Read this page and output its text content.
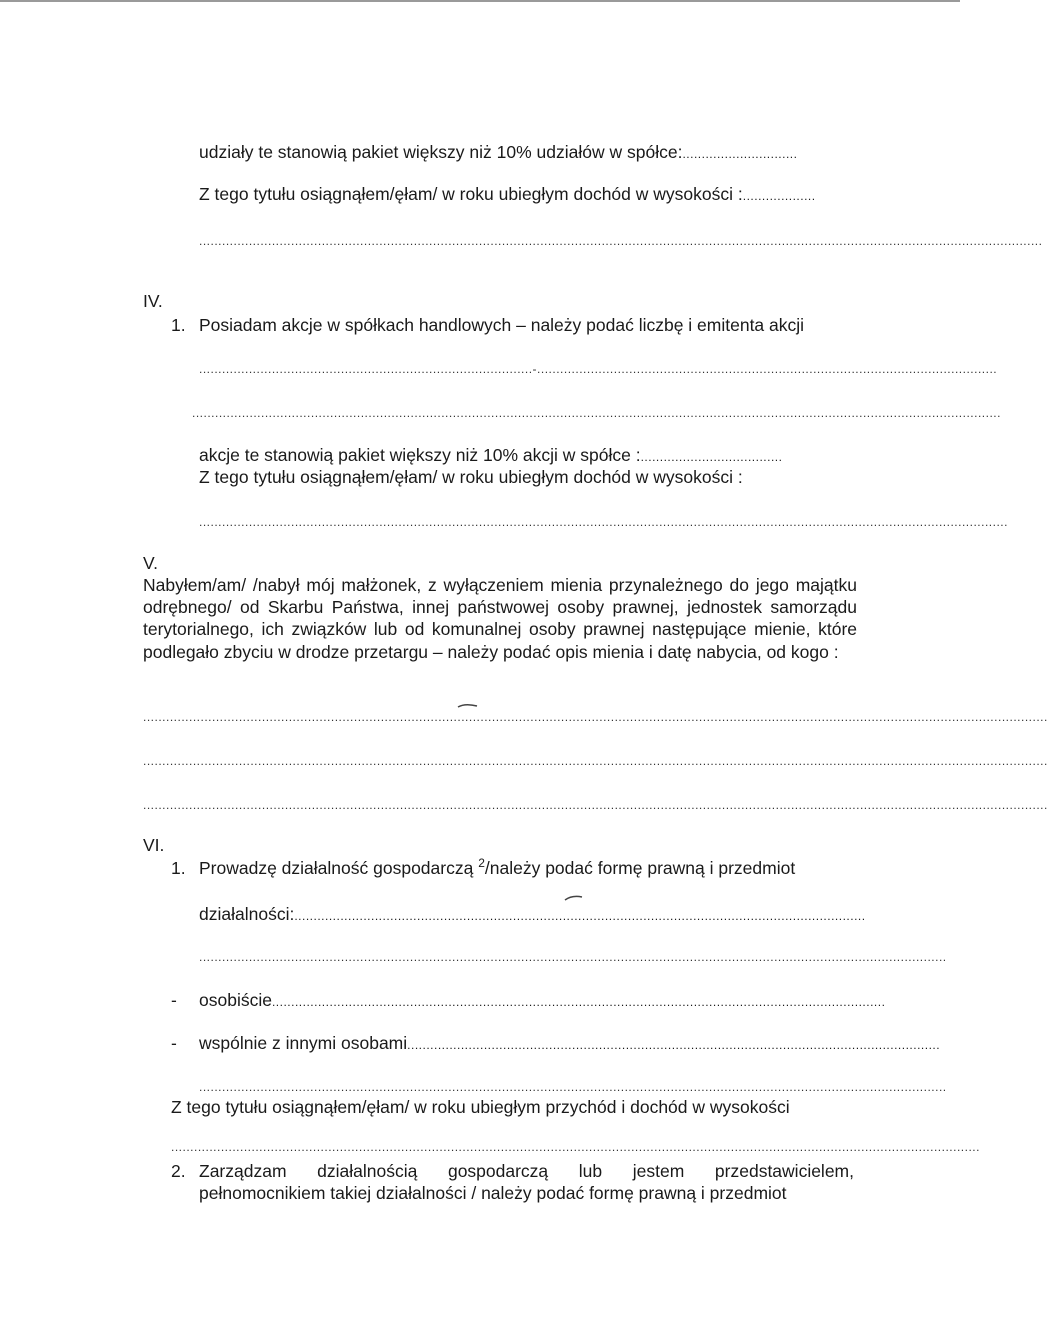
udziały te stanowią pakiet większy niż 10% udziałów w spółce:..............................
Z tego tytułu osiągnąłem/ęłam/ w roku ubiegłym dochód w wysokości :...................
............................................................................................................................................................................................................................
IV.
1. Posiadam akcje w spółkach handlowych – należy podać liczbę i emitenta akcji
.......................................................................................-........................................................................................................................
...................................................................................................................................................................................................................
akcje te stanowią pakiet większy niż 10% akcji w spółce :.....................................
Z tego tytułu osiągnąłem/ęłam/ w roku ubiegłym dochód w wysokości :
...................................................................................................................................................................................................................
V.
Nabyłem/am/ /nabył mój małżonek, z wyłączeniem mienia przynależnego do jego majątku odrębnego/ od Skarbu Państwa, innej państwowej osoby prawnej, jednostek samorządu terytorialnego, ich związków lub od komunalnej osoby prawnej następujące mienie, które podlegało zbyciu w drodze przetargu – należy podać opis mienia i datę nabycia, od kogo :
............................................................................................................................................................................................................................................
............................................................................................................................................................................................................................................
............................................................................................................................................................................................................................................
VI.
1. Prowadzę działalność gospodarczą $^2$/należy podać formę prawną i przedmiot
działalności:.....................................................................................................................................................
...................................................................................................................................................................................................
- osobiście................................................................................................................................................................
- wspólnie z innymi osobami...........................................................................................................................................
...................................................................................................................................................................................................
Z tego tytułu osiągnąłem/ęłam/ w roku ubiegłym przychód i dochód w wysokości
...................................................................................................................................................................................................................
2. Zarządzam działalnością gospodarczą lub jestem przedstawicielem,
pełnomocnikiem takiej działalności / należy podać formę prawną i przedmiot
